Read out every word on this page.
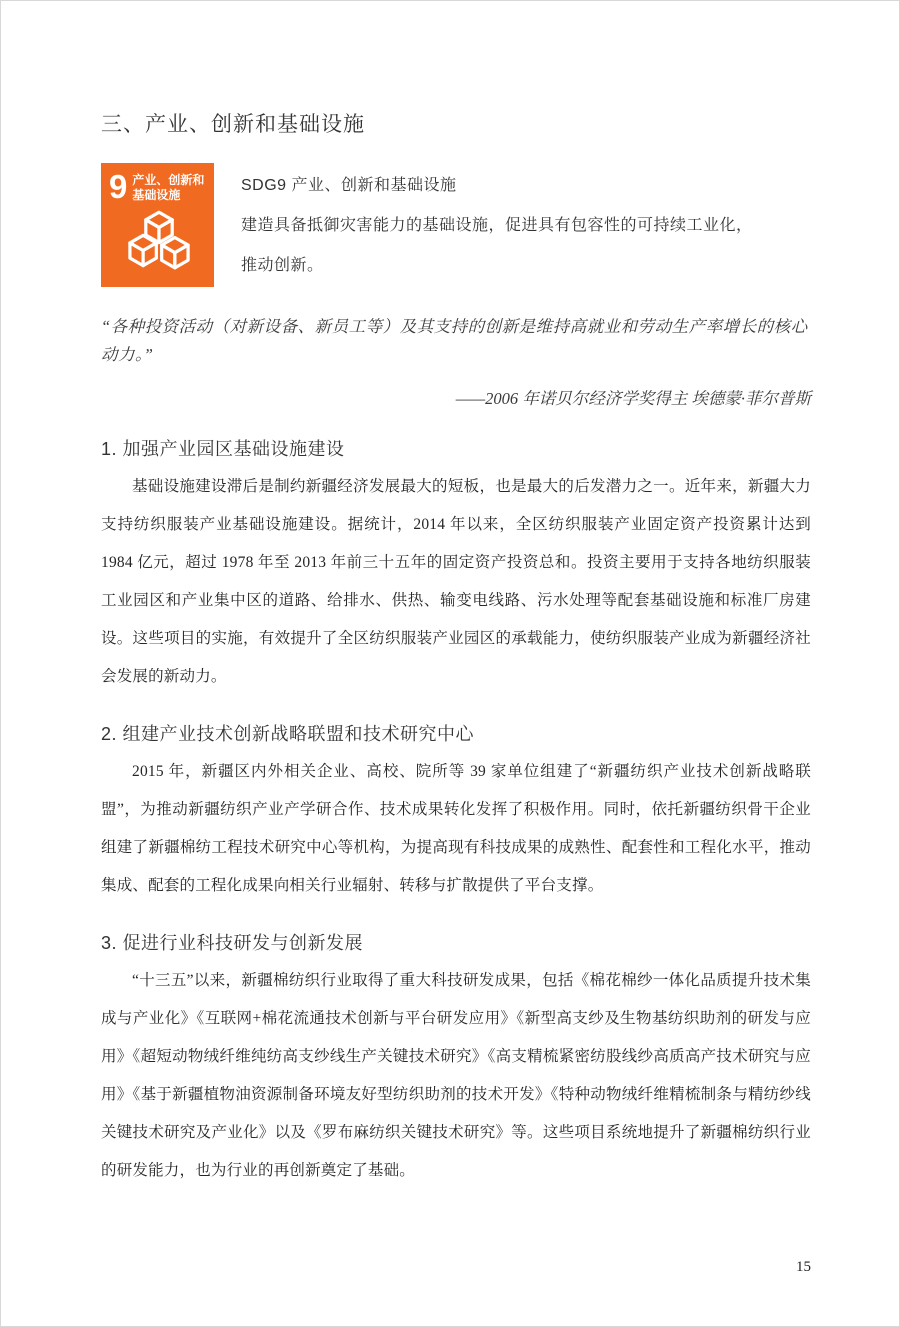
三、产业、创新和基础设施
9 产业、创新和
基础设施
SDG9 产业、创新和基础设施
建造具备抵御灾害能力的基础设施，促进具有包容性的可持续工业化，
推动创新。
“各种投资活动（对新设备、新员工等）及其支持的创新是维持高就业和劳动生产率增长的核心动力。”
——2006 年诺贝尔经济学奖得主 埃德蒙·菲尔普斯
1. 加强产业园区基础设施建设

基础设施建设滞后是制约新疆经济发展最大的短板，也是最大的后发潜力之一。近年来，新疆大力支持纺织服装产业基础设施建设。据统计，2014 年以来，全区纺织服装产业固定资产投资累计达到 1984 亿元，超过 1978 年至 2013 年前三十五年的固定资产投资总和。投资主要用于支持各地纺织服装工业园区和产业集中区的道路、给排水、供热、输变电线路、污水处理等配套基础设施和标准厂房建设。这些项目的实施，有效提升了全区纺织服装产业园区的承载能力，使纺织服装产业成为新疆经济社会发展的新动力。

2. 组建产业技术创新战略联盟和技术研究中心

2015 年，新疆区内外相关企业、高校、院所等 39 家单位组建了“新疆纺织产业技术创新战略联盟”，为推动新疆纺织产业产学研合作、技术成果转化发挥了积极作用。同时，依托新疆纺织骨干企业组建了新疆棉纺工程技术研究中心等机构，为提高现有科技成果的成熟性、配套性和工程化水平，推动集成、配套的工程化成果向相关行业辐射、转移与扩散提供了平台支撑。

3. 促进行业科技研发与创新发展

“十三五”以来，新疆棉纺织行业取得了重大科技研发成果，包括《棉花棉纱一体化品质提升技术集成与产业化》《互联网+棉花流通技术创新与平台研发应用》《新型高支纱及生物基纺织助剂的研发与应用》《超短动物绒纤维纯纺高支纱线生产关键技术研究》《高支精梳紧密纺股线纱高质高产技术研究与应用》《基于新疆植物油资源制备环境友好型纺织助剂的技术开发》《特种动物绒纤维精梳制条与精纺纱线关键技术研究及产业化》以及《罗布麻纺织关键技术研究》等。这些项目系统地提升了新疆棉纺织行业的研发能力，也为行业的再创新奠定了基础。

15
